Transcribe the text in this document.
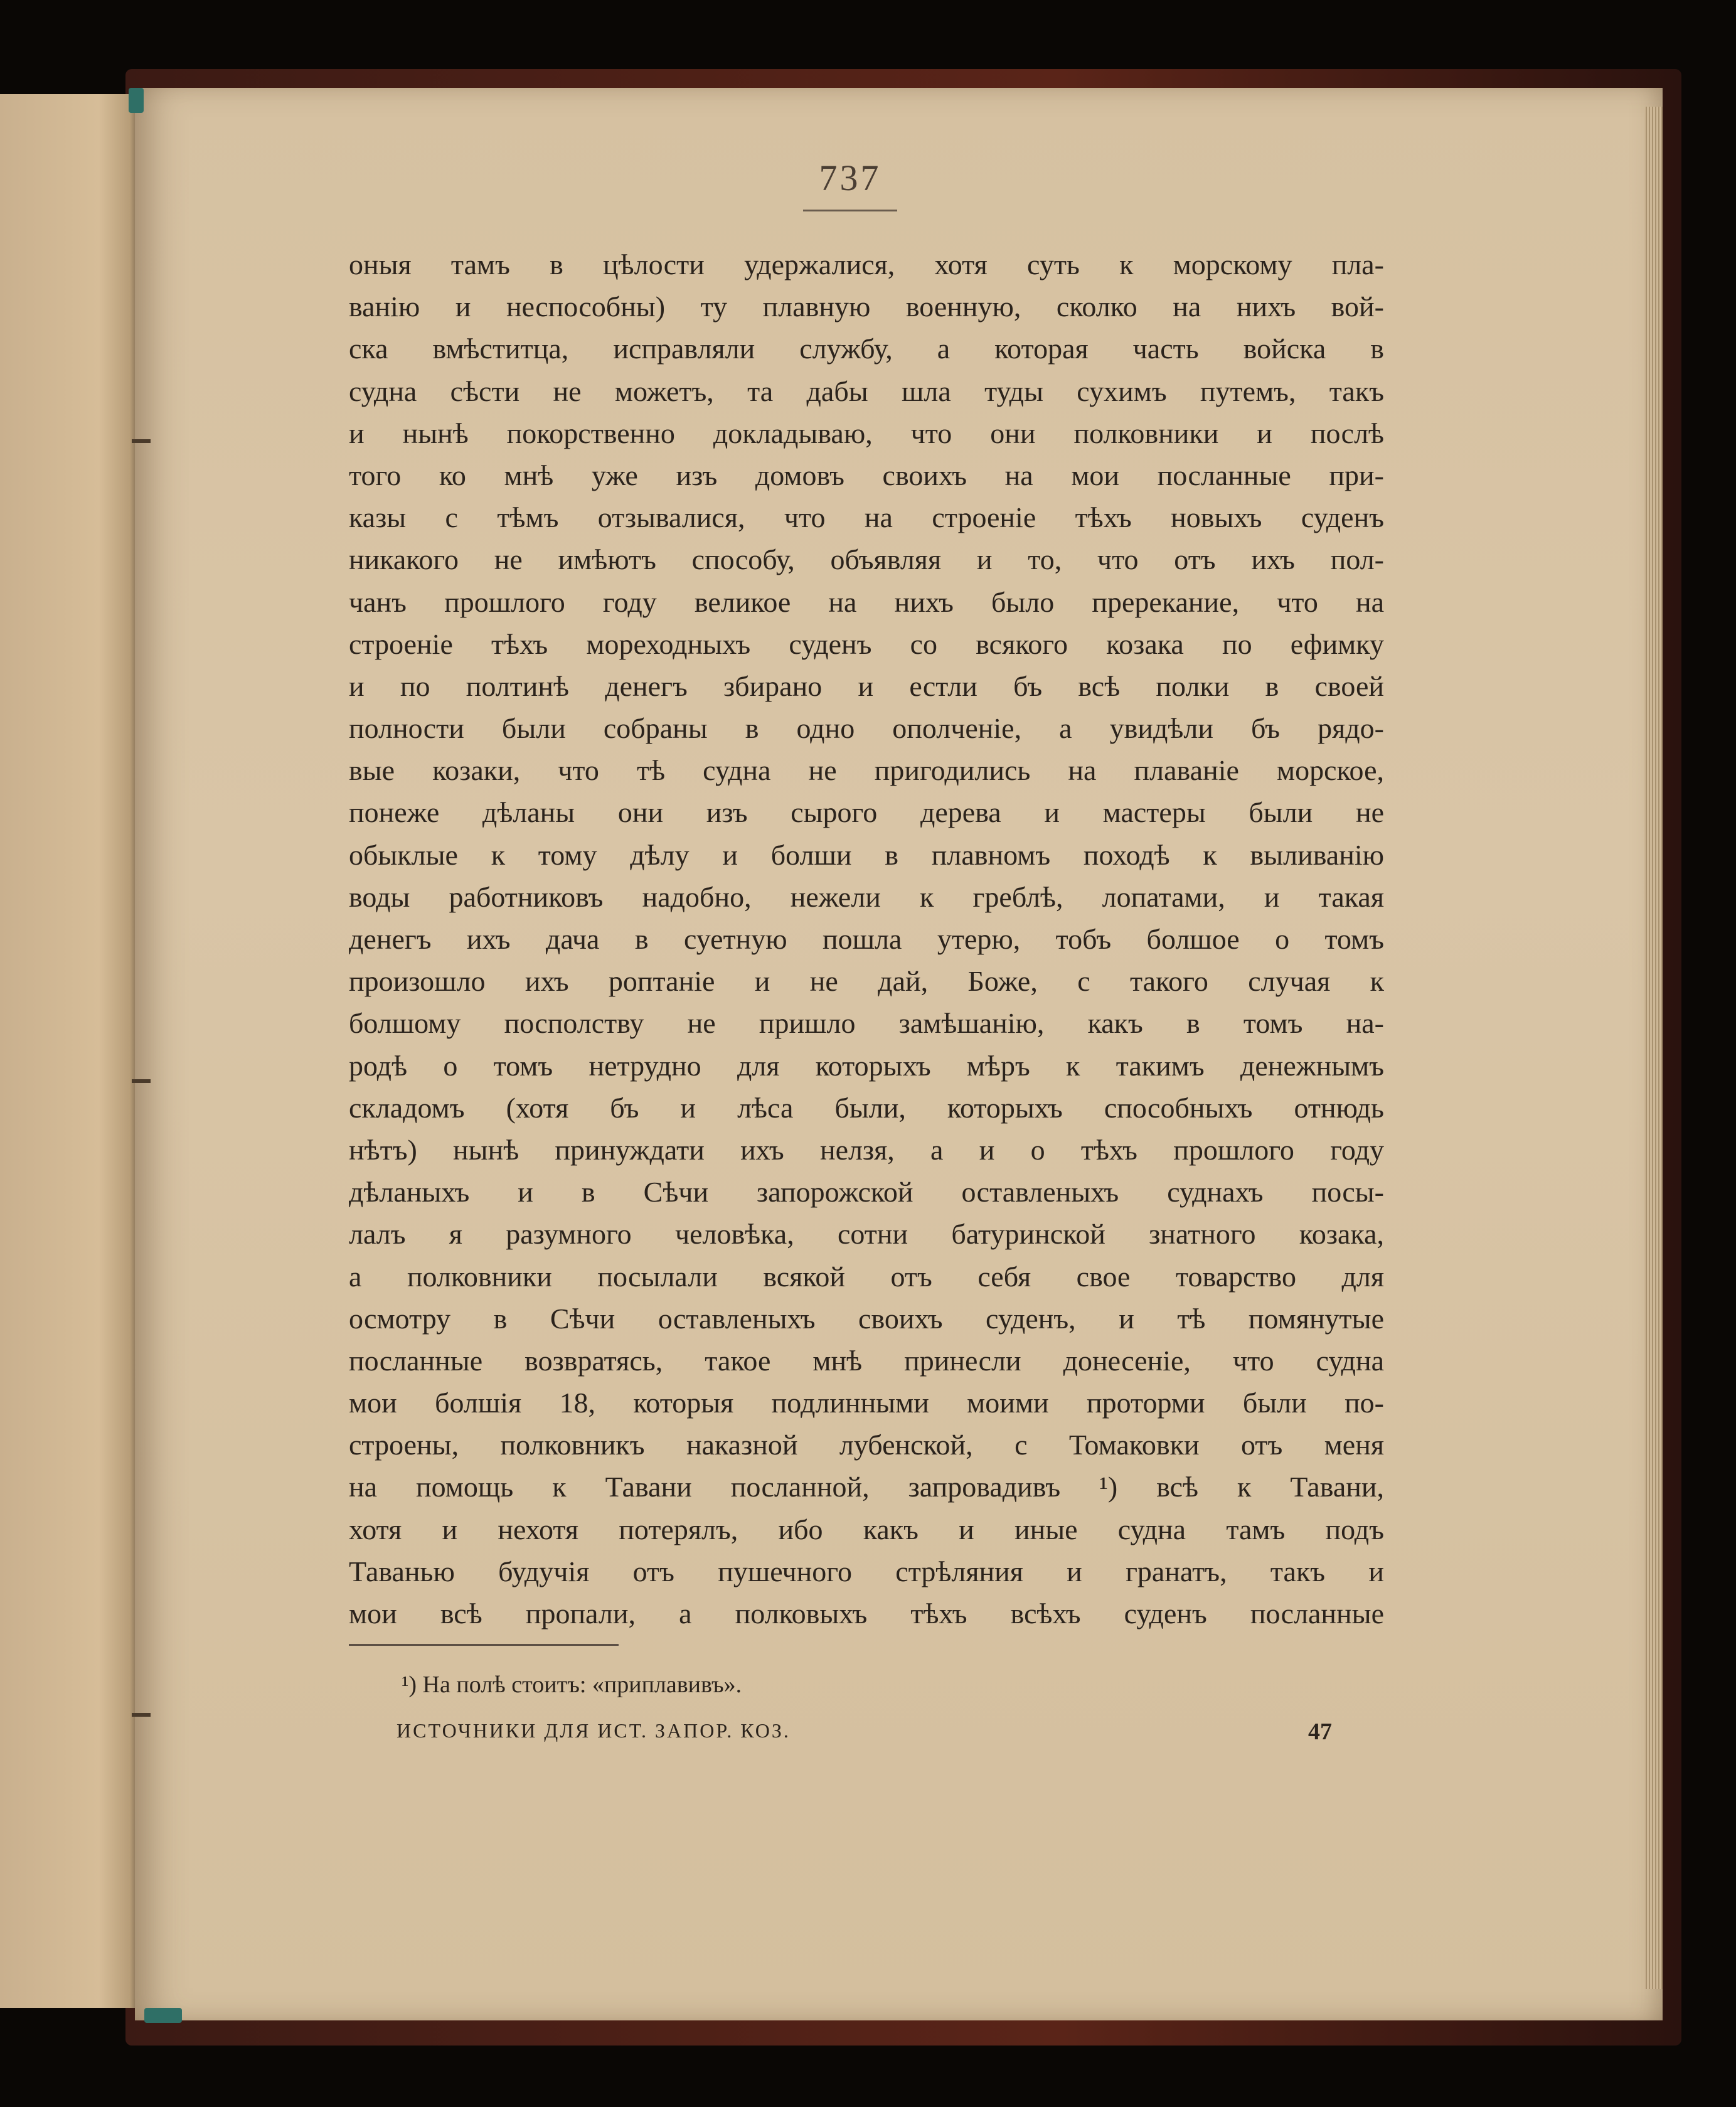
737
оныя тамъ в цѣлости удержалися, хотя суть к морскому пла-
ванію и неспособны) ту плавную военную, сколко на нихъ вой-
ска вмѣститца, исправляли службу, а которая часть войска в
судна сѣсти не можетъ, та дабы шла туды сухимъ путемъ, такъ
и нынѣ покорственно докладываю, что они полковники и послѣ
того ко мнѣ уже изъ домовъ своихъ на мои посланные при-
казы с тѣмъ отзывалися, что на строеніе тѣхъ новыхъ суденъ
никакого не имѣютъ способу, объявляя и то, что отъ ихъ пол-
чанъ прошлого году великое на нихъ было пререкание, что на
строеніе тѣхъ мореходныхъ суденъ со всякого козака по ефимку
и по полтинѣ денегъ збирано и естли бъ всѣ полки в своей
полности были собраны в одно ополченіе, а увидѣли бъ рядо-
вые козаки, что тѣ судна не пригодились на плаваніе морское,
понеже дѣланы они изъ сырого дерева и мастеры были не
обыклые к тому дѣлу и болши в плавномъ походѣ к выливанію
воды работниковъ надобно, нежели к греблѣ, лопатами, и такая
денегъ ихъ дача в суетную пошла утерю, тобъ болшое о томъ
произошло ихъ роптаніе и не дай, Боже, с такого случая к
болшому посполству не пришло замѣшанію, какъ в томъ на-
родѣ о томъ нетрудно для которыхъ мѣръ к такимъ денежнымъ
складомъ (хотя бъ и лѣса были, которыхъ способныхъ отнюдь
нѣтъ) нынѣ принуждати ихъ нелзя, а и о тѣхъ прошлого году
дѣланыхъ и в Сѣчи запорожской оставленыхъ суднахъ посы-
лалъ я разумного человѣка, сотни батуринской знатного козака,
а полковники посылали всякой отъ себя свое товарство для
осмотру в Сѣчи оставленыхъ своихъ суденъ, и тѣ помянутые
посланные возвратясь, такое мнѣ принесли донесеніе, что судна
мои болшія 18, которыя подлинными моими проторми были по-
строены, полковникъ наказной лубенской, с Томаковки отъ меня
на помощь к Тавани посланной, запровадивъ ¹) всѣ к Тавани,
хотя и нехотя потерялъ, ибо какъ и иные судна тамъ подъ
Таванью будучія отъ пушечного стрѣляния и гранатъ, такъ и
мои всѣ пропали, а полковыхъ тѣхъ всѣхъ суденъ посланные
¹) На полѣ стоитъ: «приплавивъ».
ИСТОЧНИКИ ДЛЯ ИСТ. ЗАПОР. КОЗ.	47
